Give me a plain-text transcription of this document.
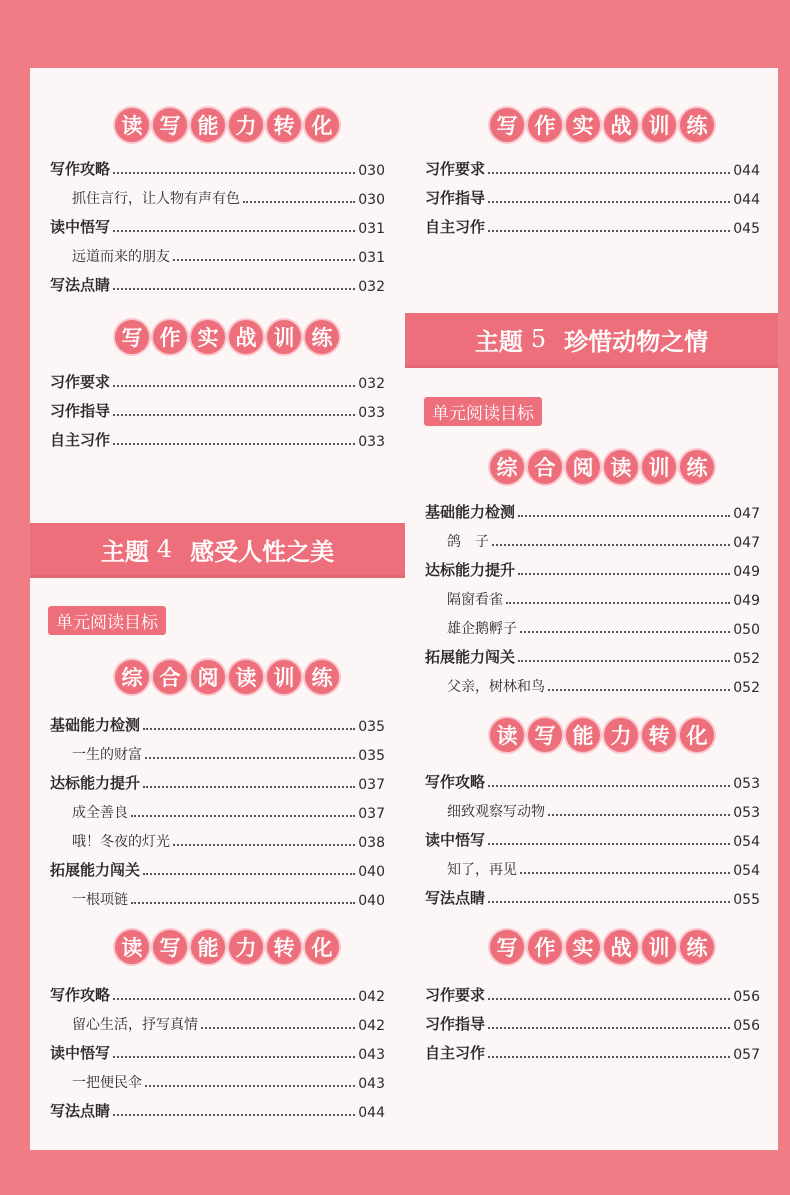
主题 4 感受人性之美
主题 5 珍惜动物之情
单元阅读目标
单元阅读目标
读 写 能 力 转 化
写 作 实 战 训 练
综 合 阅 读 训 练
读 写 能 力 转 化
写 作 实 战 训 练
综 合 阅 读 训 练
读 写 能 力 转 化
写 作 实 战 训 练
写作攻略	030
抓住言行，让人物有声有色	030
读中悟写	031
远道而来的朋友	031
写法点睛	032
习作要求	032
习作指导	033
自主习作	033
基础能力检测	035
一生的财富	035
达标能力提升	037
成全善良	037
哦！冬夜的灯光	038
拓展能力闯关	040
一根项链	040
写作攻略	042
留心生活，抒写真情	042
读中悟写	043
一把便民伞	043
写法点睛	044
习作要求	044
习作指导	044
自主习作	045
基础能力检测	047
鸽　子	047
达标能力提升	049
隔窗看雀	049
雄企鹅孵子	050
拓展能力闯关	052
父亲，树林和鸟	052
写作攻略	053
细致观察写动物	053
读中悟写	054
知了，再见	054
写法点睛	055
习作要求	056
习作指导	056
自主习作	057
